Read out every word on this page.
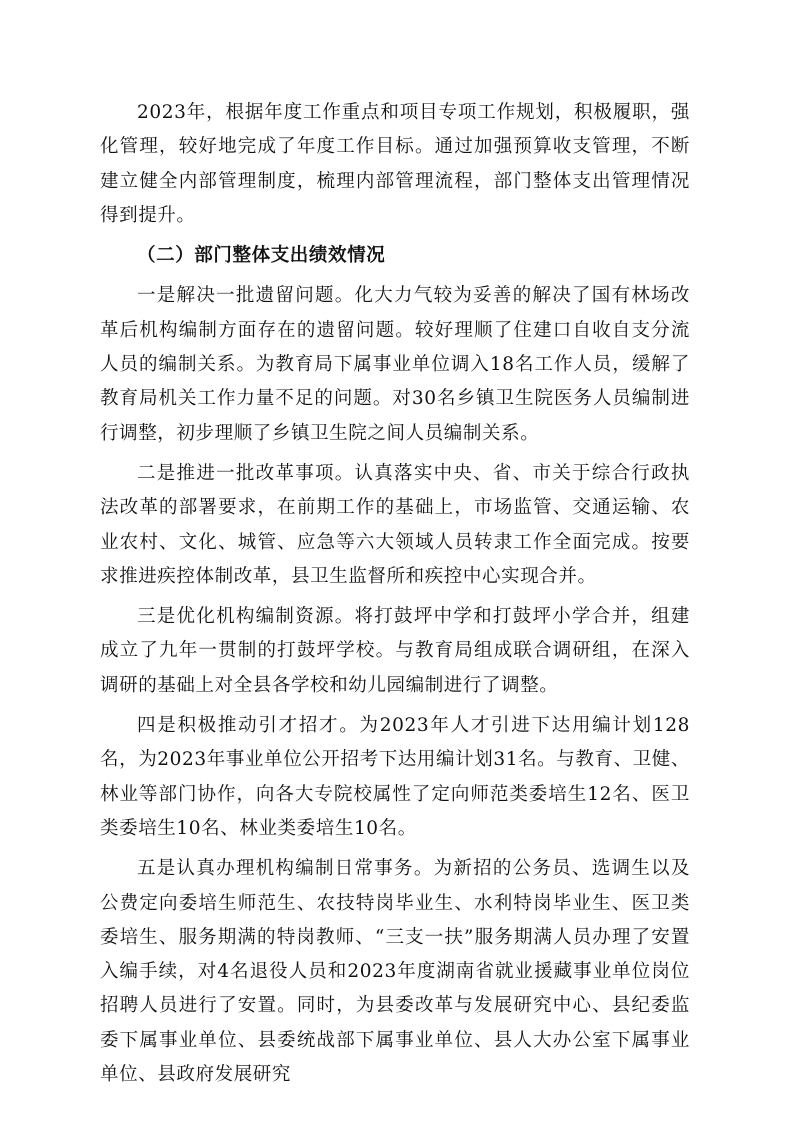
2023年，根据年度工作重点和项目专项工作规划，积极履职，强化管理，较好地完成了年度工作目标。通过加强预算收支管理，不断建立健全内部管理制度，梳理内部管理流程，部门整体支出管理情况得到提升。

（二）部门整体支出绩效情况

一是解决一批遗留问题。化大力气较为妥善的解决了国有林场改革后机构编制方面存在的遗留问题。较好理顺了住建口自收自支分流人员的编制关系。为教育局下属事业单位调入18名工作人员，缓解了教育局机关工作力量不足的问题。对30名乡镇卫生院医务人员编制进行调整，初步理顺了乡镇卫生院之间人员编制关系。

二是推进一批改革事项。认真落实中央、省、市关于综合行政执法改革的部署要求，在前期工作的基础上，市场监管、交通运输、农业农村、文化、城管、应急等六大领域人员转隶工作全面完成。按要求推进疾控体制改革，县卫生监督所和疾控中心实现合并。

三是优化机构编制资源。将打鼓坪中学和打鼓坪小学合并，组建成立了九年一贯制的打鼓坪学校。与教育局组成联合调研组，在深入调研的基础上对全县各学校和幼儿园编制进行了调整。

四是积极推动引才招才。为2023年人才引进下达用编计划128名，为2023年事业单位公开招考下达用编计划31名。与教育、卫健、林业等部门协作，向各大专院校属性了定向师范类委培生12名、医卫类委培生10名、林业类委培生10名。

五是认真办理机构编制日常事务。为新招的公务员、选调生以及公费定向委培生师范生、农技特岗毕业生、水利特岗毕业生、医卫类委培生、服务期满的特岗教师、“三支一扶”服务期满人员办理了安置入编手续，对4名退役人员和2023年度湖南省就业援藏事业单位岗位招聘人员进行了安置。同时，为县委改革与发展研究中心、县纪委监委下属事业单位、县委统战部下属事业单位、县人大办公室下属事业单位、县政府发展研究
